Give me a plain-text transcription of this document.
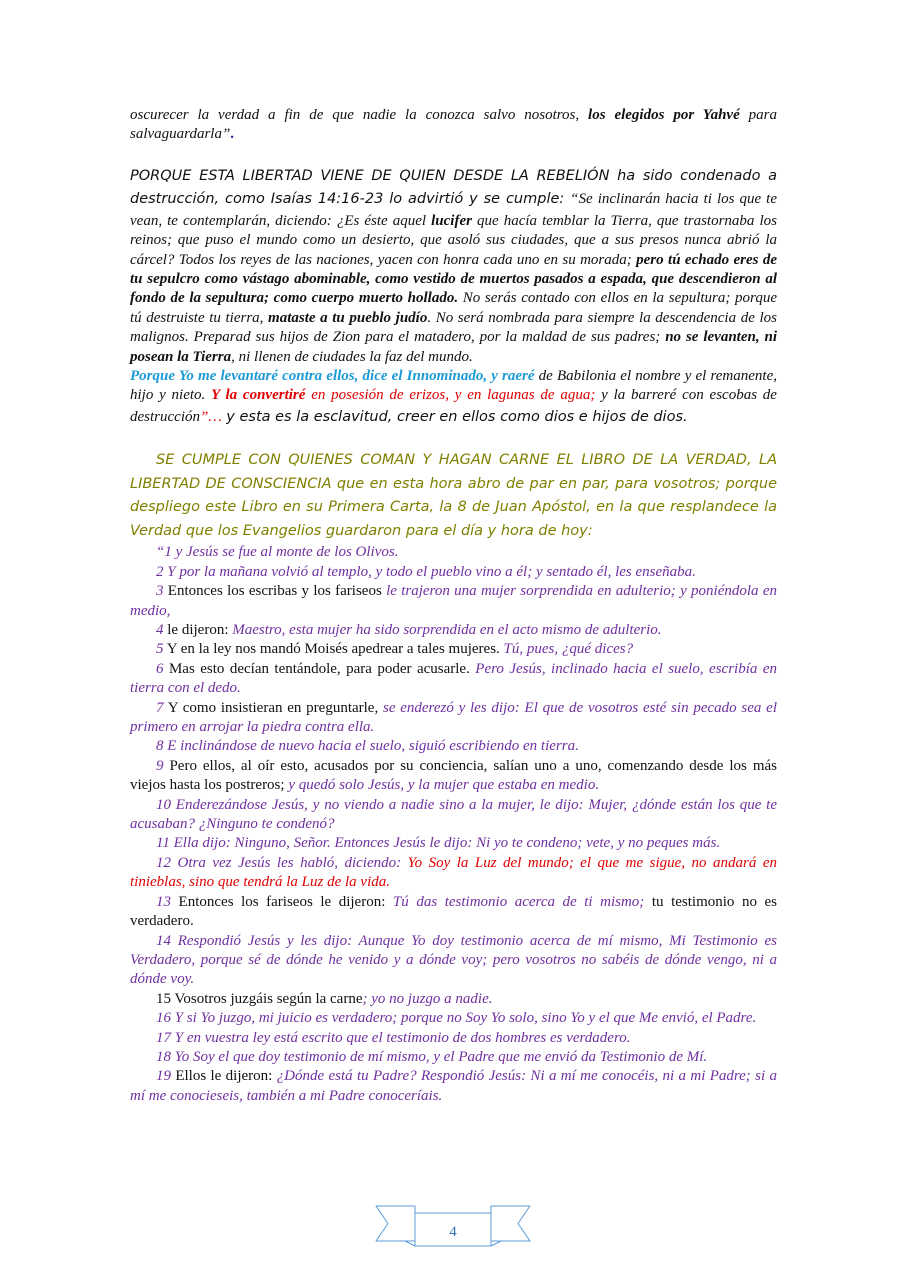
oscurecer la verdad a fin de que nadie la conozca salvo nosotros, los elegidos por Yahvé para salvaguardarla”.

PORQUE ESTA LIBERTAD VIENE DE QUIEN DESDE LA REBELIÓN ha sido condenado a destrucción, como Isaías 14:16-23 lo advirtió y se cumple: “Se inclinarán hacia ti los que te vean, te contemplarán, diciendo: ¿Es éste aquel lucifer que hacía temblar la Tierra, que trastornaba los reinos; que puso el mundo como un desierto, que asoló sus ciudades, que a sus presos nunca abrió la cárcel? Todos los reyes de las naciones, yacen con honra cada uno en su morada; pero tú echado eres de tu sepulcro como vástago abominable, como vestido de muertos pasados a espada, que descendieron al fondo de la sepultura; como cuerpo muerto hollado. No serás contado con ellos en la sepultura; porque tú destruiste tu tierra, mataste a tu pueblo judío. No será nombrada para siempre la descendencia de los malignos. Preparad sus hijos de Zion para el matadero, por la maldad de sus padres; no se levanten, ni posean la Tierra, ni llenen de ciudades la faz del mundo.

Porque Yo me levantaré contra ellos, dice el Innominado, y raeré de Babilonia el nombre y el remanente, hijo y nieto. Y la convertiré en posesión de erizos, y en lagunas de agua; y la barreré con escobas de destrucción”… y esta es la esclavitud, creer en ellos como dios e hijos de dios.

SE CUMPLE CON QUIENES COMAN Y HAGAN CARNE EL LIBRO DE LA VERDAD, LA LIBERTAD DE CONSCIENCIA que en esta hora abro de par en par, para vosotros; porque despliego este Libro en su Primera Carta, la 8 de Juan Apóstol, en la que resplandece la Verdad que los Evangelios guardaron para el día y hora de hoy:

“1 y Jesús se fue al monte de los Olivos.

2 Y por la mañana volvió al templo, y todo el pueblo vino a él; y sentado él, les enseñaba.

3 Entonces los escribas y los fariseos le trajeron una mujer sorprendida en adulterio; y poniéndola en medio,

4 le dijeron: Maestro, esta mujer ha sido sorprendida en el acto mismo de adulterio.

5 Y en la ley nos mandó Moisés apedrear a tales mujeres. Tú, pues, ¿qué dices?

6 Mas esto decían tentándole, para poder acusarle. Pero Jesús, inclinado hacia el suelo, escribía en tierra con el dedo.

7 Y como insistieran en preguntarle, se enderezó y les dijo: El que de vosotros esté sin pecado sea el primero en arrojar la piedra contra ella.

8 E inclinándose de nuevo hacia el suelo, siguió escribiendo en tierra.

9 Pero ellos, al oír esto, acusados por su conciencia, salían uno a uno, comenzando desde los más viejos hasta los postreros; y quedó solo Jesús, y la mujer que estaba en medio.

10 Enderezándose Jesús, y no viendo a nadie sino a la mujer, le dijo: Mujer, ¿dónde están los que te acusaban? ¿Ninguno te condenó?

11 Ella dijo: Ninguno, Señor. Entonces Jesús le dijo: Ni yo te condeno; vete, y no peques más.

12 Otra vez Jesús les habló, diciendo: Yo Soy la Luz del mundo; el que me sigue, no andará en tinieblas, sino que tendrá la Luz de la vida.

13 Entonces los fariseos le dijeron: Tú das testimonio acerca de ti mismo; tu testimonio no es verdadero.

14 Respondió Jesús y les dijo: Aunque Yo doy testimonio acerca de mí mismo, Mi Testimonio es Verdadero, porque sé de dónde he venido y a dónde voy; pero vosotros no sabéis de dónde vengo, ni a dónde voy.

15 Vosotros juzgáis según la carne; yo no juzgo a nadie.

16 Y si Yo juzgo, mi juicio es verdadero; porque no Soy Yo solo, sino Yo y el que Me envió, el Padre.

17 Y en vuestra ley está escrito que el testimonio de dos hombres es verdadero.

18 Yo Soy el que doy testimonio de mí mismo, y el Padre que me envió da Testimonio de Mí.

19 Ellos le dijeron: ¿Dónde está tu Padre? Respondió Jesús: Ni a mí me conocéis, ni a mi Padre; si a mí me conocieseis, también a mi Padre conoceríais.

4
